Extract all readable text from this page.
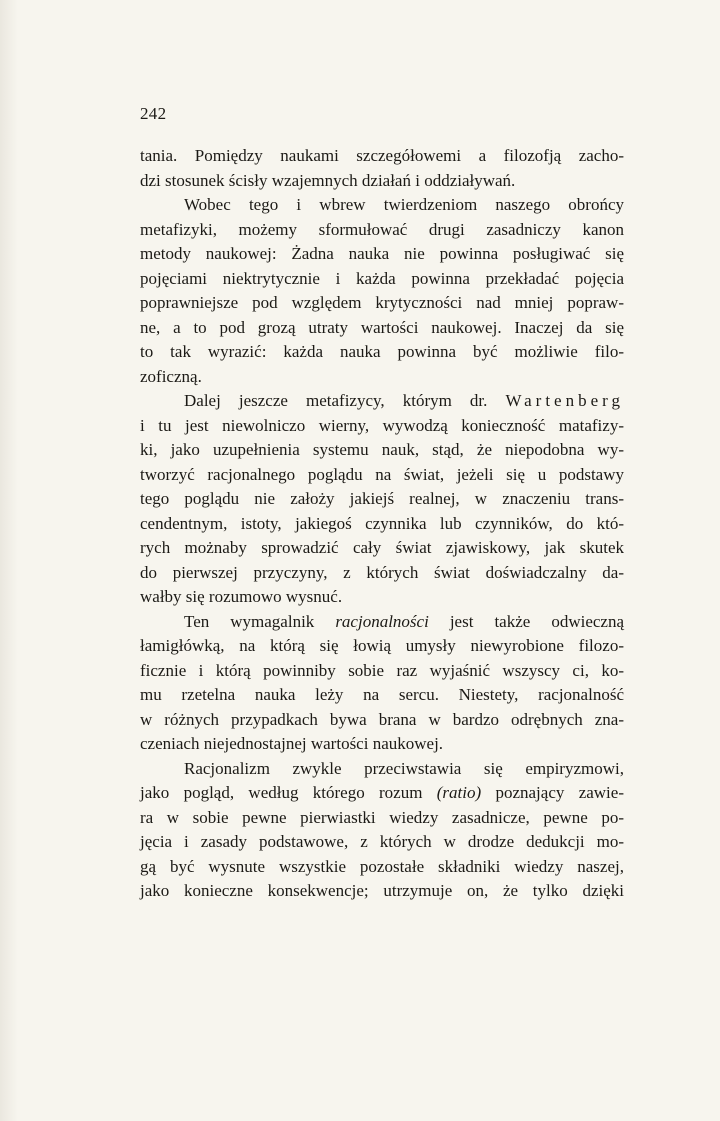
242
tania. Pomiędzy naukami szczegółowemi a filozofją zacho-
dzi stosunek ścisły wzajemnych działań i oddziaływań.
Wobec tego i wbrew twierdzeniom naszego obrońcy
metafizyki, możemy sformułować drugi zasadniczy kanon
metody naukowej: Żadna nauka nie powinna posługiwać się
pojęciami niektrytycznie i każda powinna przekładać pojęcia
poprawniejsze pod względem krytyczności nad mniej popraw-
ne, a to pod grozą utraty wartości naukowej. Inaczej da się
to tak wyrazić: każda nauka powinna być możliwie filo-
zoficzną.
Dalej jeszcze metafizycy, którym dr. Wartenberg
i tu jest niewolniczo wierny, wywodzą konieczność matafizy-
ki, jako uzupełnienia systemu nauk, stąd, że niepodobna wy-
tworzyć racjonalnego poglądu na świat, jeżeli się u podstawy
tego poglądu nie założy jakiejś realnej, w znaczeniu trans-
cendentnym, istoty, jakiegoś czynnika lub czynników, do któ-
rych możnaby sprowadzić cały świat zjawiskowy, jak skutek
do pierwszej przyczyny, z których świat doświadczalny da-
wałby się rozumowo wysnuć.
Ten wymagalnik racjonalności jest także odwieczną
łamigłówką, na którą się łowią umysły niewyrobione filozo-
ficznie i którą powinniby sobie raz wyjaśnić wszyscy ci, ko-
mu rzetelna nauka leży na sercu. Niestety, racjonalność
w różnych przypadkach bywa brana w bardzo odrębnych zna-
czeniach niejednostajnej wartości naukowej.
Racjonalizm zwykle przeciwstawia się empiryzmowi,
jako pogląd, według którego rozum (ratio) poznający zawie-
ra w sobie pewne pierwiastki wiedzy zasadnicze, pewne po-
jęcia i zasady podstawowe, z których w drodze dedukcji mo-
gą być wysnute wszystkie pozostałe składniki wiedzy naszej,
jako konieczne konsekwencje; utrzymuje on, że tylko dzięki
